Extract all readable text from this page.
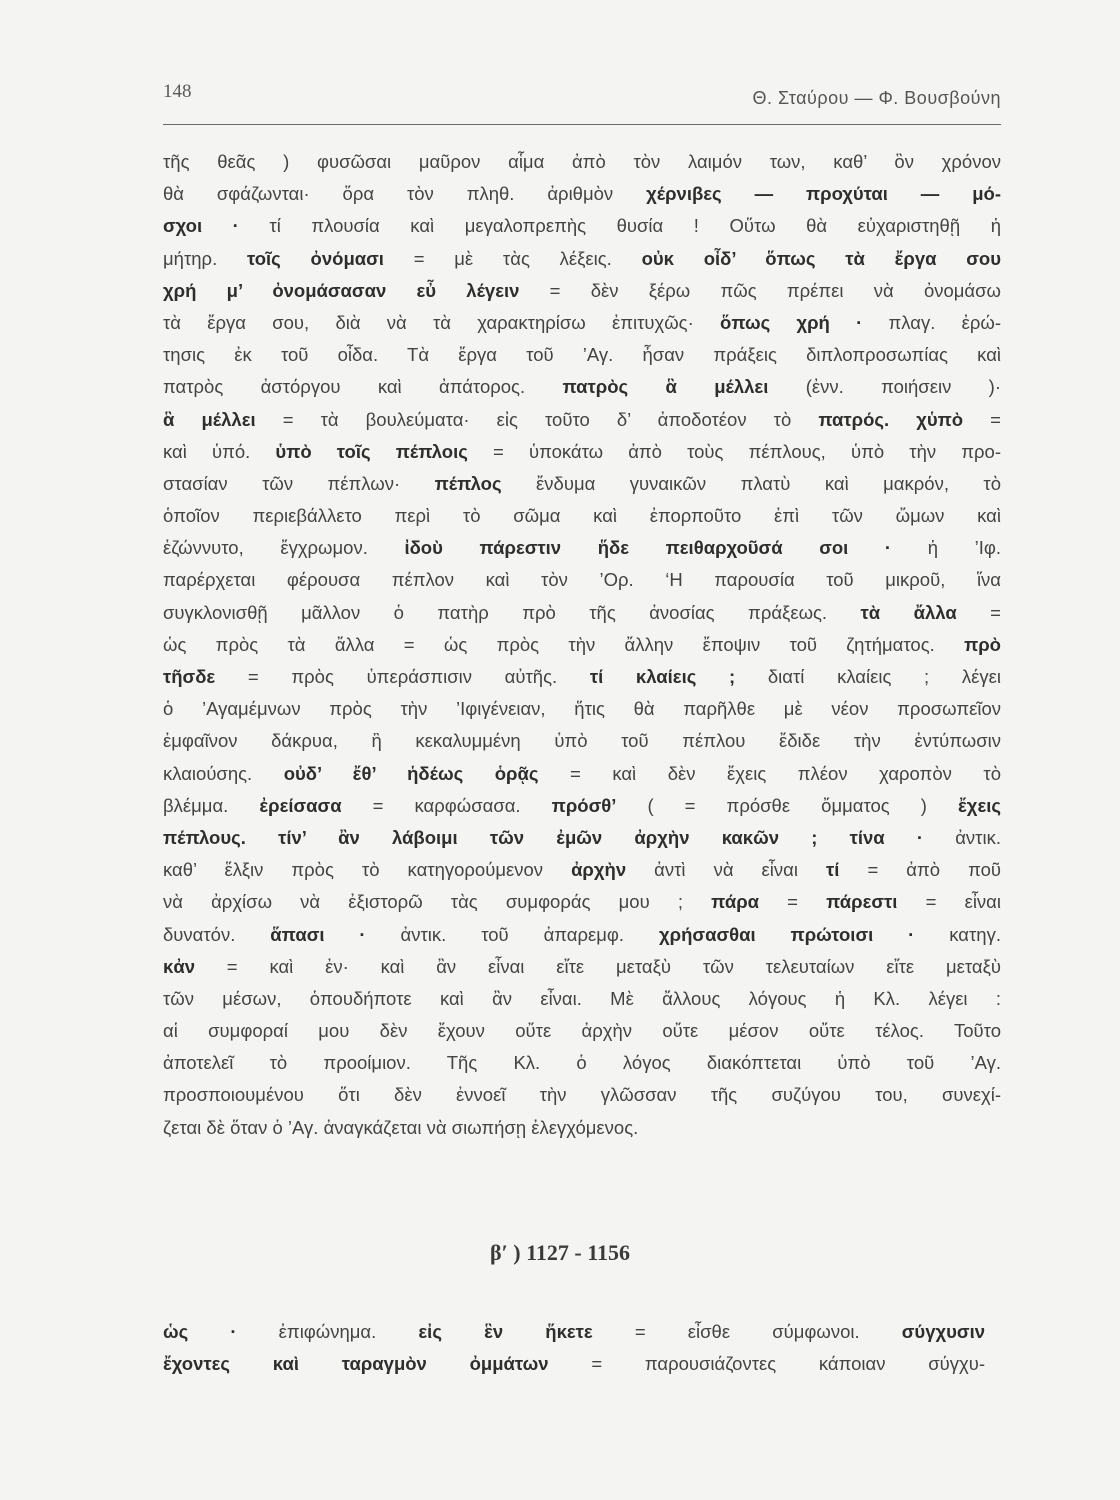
148	Θ. Σταύρου — Φ. Βουσβούνη
τῆς θεᾶς ) φυσῶσαι μαῦρον αἷμα ἀπὸ τὸν λαιμόν των, καθ’ ὃν χρόνον
θὰ σφάζωνται· ὅρα τὸν πληθ. ἀριθμὸν χέρνιβες — προχύται — μό-
σχοι · τί πλουσία καὶ μεγαλοπρεπὴς θυσία ! Οὕτω θὰ εὐχαριστηθῇ ἡ
μήτηρ. τοῖς ὀνόμασι = μὲ τὰς λέξεις. οὐκ οἶδ’ ὅπως τὰ ἔργα σου
χρή μ’ ὀνομάσασαν εὖ λέγειν = δὲν ξέρω πῶς πρέπει νὰ ὀνομάσω
τὰ ἔργα σου, διὰ νὰ τὰ χαρακτηρίσω ἐπιτυχῶς· ὅπως χρή · πλαγ. ἐρώ-
τησις ἐκ τοῦ οἶδα. Τὰ ἔργα τοῦ ’Αγ. ἦσαν πράξεις διπλοπροσωπίας καὶ
πατρὸς ἀστόργου καὶ ἀπάτορος. πατρὸς ἃ μέλλει (ἐνν. ποιήσειν )·
ἃ μέλλει = τὰ βουλεύματα· εἰς τοῦτο δ’ ἀποδοτέον τὸ πατρός. χὑπὸ =
καὶ ὑπό. ὑπὸ τοῖς πέπλοις = ὑποκάτω ἀπὸ τοὺς πέπλους, ὑπὸ τὴν προ-
στασίαν τῶν πέπλων· πέπλος ἔνδυμα γυναικῶν πλατὺ καὶ μακρόν, τὸ
ὁποῖον περιεβάλλετο περὶ τὸ σῶμα καὶ ἐπορποῦτο ἐπὶ τῶν ὤμων καὶ
ἐζώννυτο, ἔγχρωμον. ἰδοὺ πάρεστιν ἥδε πειθαρχοῦσά σοι · ἡ ’Ιφ.
παρέρχεται φέρουσα πέπλον καὶ τὸν ’Ορ. ‘Η παρουσία τοῦ μικροῦ, ἵνα
συγκλονισθῇ μᾶλλον ὁ πατὴρ πρὸ τῆς ἀνοσίας πράξεως. τὰ ἄλλα =
ὡς πρὸς τὰ ἄλλα = ὡς πρὸς τὴν ἄλλην ἔποψιν τοῦ ζητήματος. πρὸ
τῆσδε = πρὸς ὑπεράσπισιν αὐτῆς. τί κλαίεις ; διατί κλαίεις ; λέγει
ὁ ’Αγαμέμνων πρὸς τὴν ’Ιφιγένειαν, ἥτις θὰ παρῆλθε μὲ νέον προσωπεῖον
ἐμφαῖνον δάκρυα, ἢ κεκαλυμμένη ὑπὸ τοῦ πέπλου ἔδιδε τὴν ἐντύπωσιν
κλαιούσης. οὐδ’ ἔθ’ ἡδέως ὁρᾷς = καὶ δὲν ἔχεις πλέον χαροπὸν τὸ
βλέμμα. ἐρείσασα = καρφώσασα. πρόσθ’ ( = πρόσθε ὄμματος ) ἔχεις
πέπλους. τίν’ ἂν λάβοιμι τῶν ἐμῶν ἀρχὴν κακῶν ; τίνα · ἀντικ.
καθ’ ἕλξιν πρὸς τὸ κατηγορούμενον ἀρχὴν ἀντὶ νὰ εἶναι τί = ἀπὸ ποῦ
νὰ ἀρχίσω νὰ ἐξιστορῶ τὰς συμφοράς μου ; πάρα = πάρεστι = εἶναι
δυνατόν. ἅπασι · ἀντικ. τοῦ ἀπαρεμφ. χρήσασθαι πρώτοισι · κατηγ.
κἀν = καὶ ἐν· καὶ ἂν εἶναι εἴτε μεταξὺ τῶν τελευταίων εἴτε μεταξὺ
τῶν μέσων, ὁπουδήποτε καὶ ἂν εἶναι. Μὲ ἄλλους λόγους ἡ Κλ. λέγει :
αἱ συμφοραί μου δὲν ἔχουν οὔτε ἀρχὴν οὔτε μέσον οὔτε τέλος. Τοῦτο
ἀποτελεῖ τὸ προοίμιον. Τῆς Κλ. ὁ λόγος διακόπτεται ὑπὸ τοῦ ’Αγ.
προσποιουμένου ὅτι δὲν ἐννοεῖ τὴν γλῶσσαν τῆς συζύγου του, συνεχί-
ζεται δὲ ὅταν ὁ ’Αγ. ἀναγκάζεται νὰ σιωπήσῃ ἐλεγχόμενος.
β′ ) 1127 - 1156
ὡς · ἐπιφώνημα. εἰς ἓν ἥκετε = εἶσθε σύμφωνοι. σύγχυσιν
ἔχοντες καὶ ταραγμὸν ὀμμάτων = παρουσιάζοντες κάποιαν σύγχυ-
